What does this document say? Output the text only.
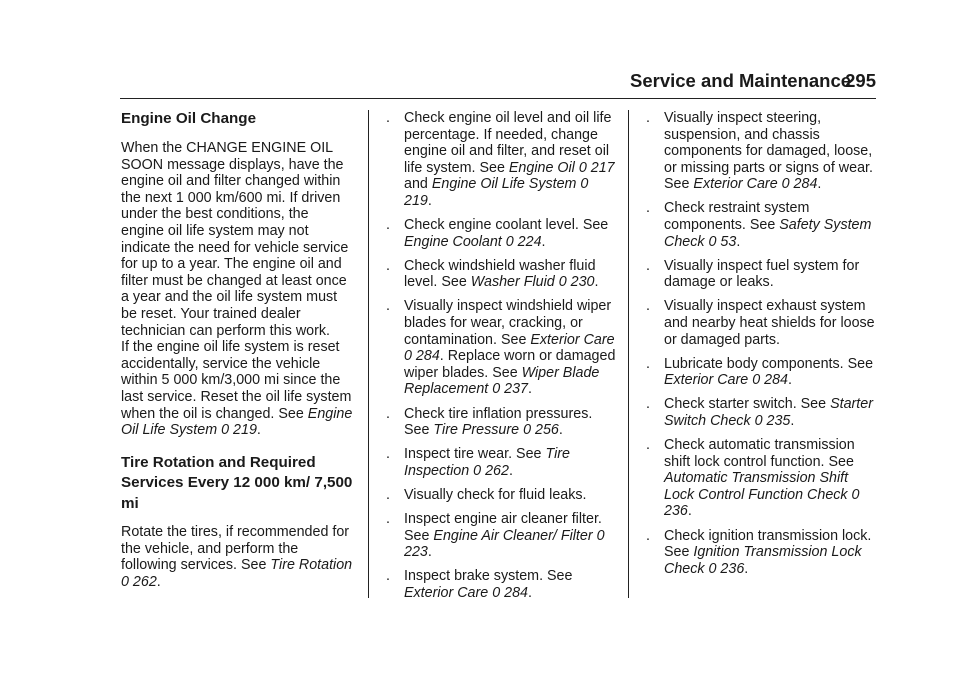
Service and Maintenance
295
Engine Oil Change

When the CHANGE ENGINE OIL SOON message displays, have the engine oil and filter changed within the next 1 000 km/600 mi. If driven under the best conditions, the engine oil life system may not indicate the need for vehicle service for up to a year. The engine oil and filter must be changed at least once a year and the oil life system must be reset. Your trained dealer technician can perform this work.

If the engine oil life system is reset accidentally, service the vehicle within 5 000 km/3,000 mi since the last service. Reset the oil life system when the oil is changed. See Engine Oil Life System 0 219.

Tire Rotation and Required Services Every 12 000 km/ 7,500 mi

Rotate the tires, if recommended for the vehicle, and perform the following services. See Tire Rotation 0 262.

. Check engine oil level and oil life percentage. If needed, change engine oil and filter, and reset oil life system. See Engine Oil 0 217 and Engine Oil Life System 0 219.
. Check engine coolant level. See Engine Coolant 0 224.
. Check windshield washer fluid level. See Washer Fluid 0 230.
. Visually inspect windshield wiper blades for wear, cracking, or contamination. See Exterior Care 0 284. Replace worn or damaged wiper blades. See Wiper Blade Replacement 0 237.
. Check tire inflation pressures. See Tire Pressure 0 256.
. Inspect tire wear. See Tire Inspection 0 262.
. Visually check for fluid leaks.
. Inspect engine air cleaner filter. See Engine Air Cleaner/ Filter 0 223.
. Inspect brake system. See Exterior Care 0 284.
. Visually inspect steering, suspension, and chassis components for damaged, loose, or missing parts or signs of wear. See Exterior Care 0 284.
. Check restraint system components. See Safety System Check 0 53.
. Visually inspect fuel system for damage or leaks.
. Visually inspect exhaust system and nearby heat shields for loose or damaged parts.
. Lubricate body components. See Exterior Care 0 284.
. Check starter switch. See Starter Switch Check 0 235.
. Check automatic transmission shift lock control function. See Automatic Transmission Shift Lock Control Function Check 0 236.
. Check ignition transmission lock. See Ignition Transmission Lock Check 0 236.
